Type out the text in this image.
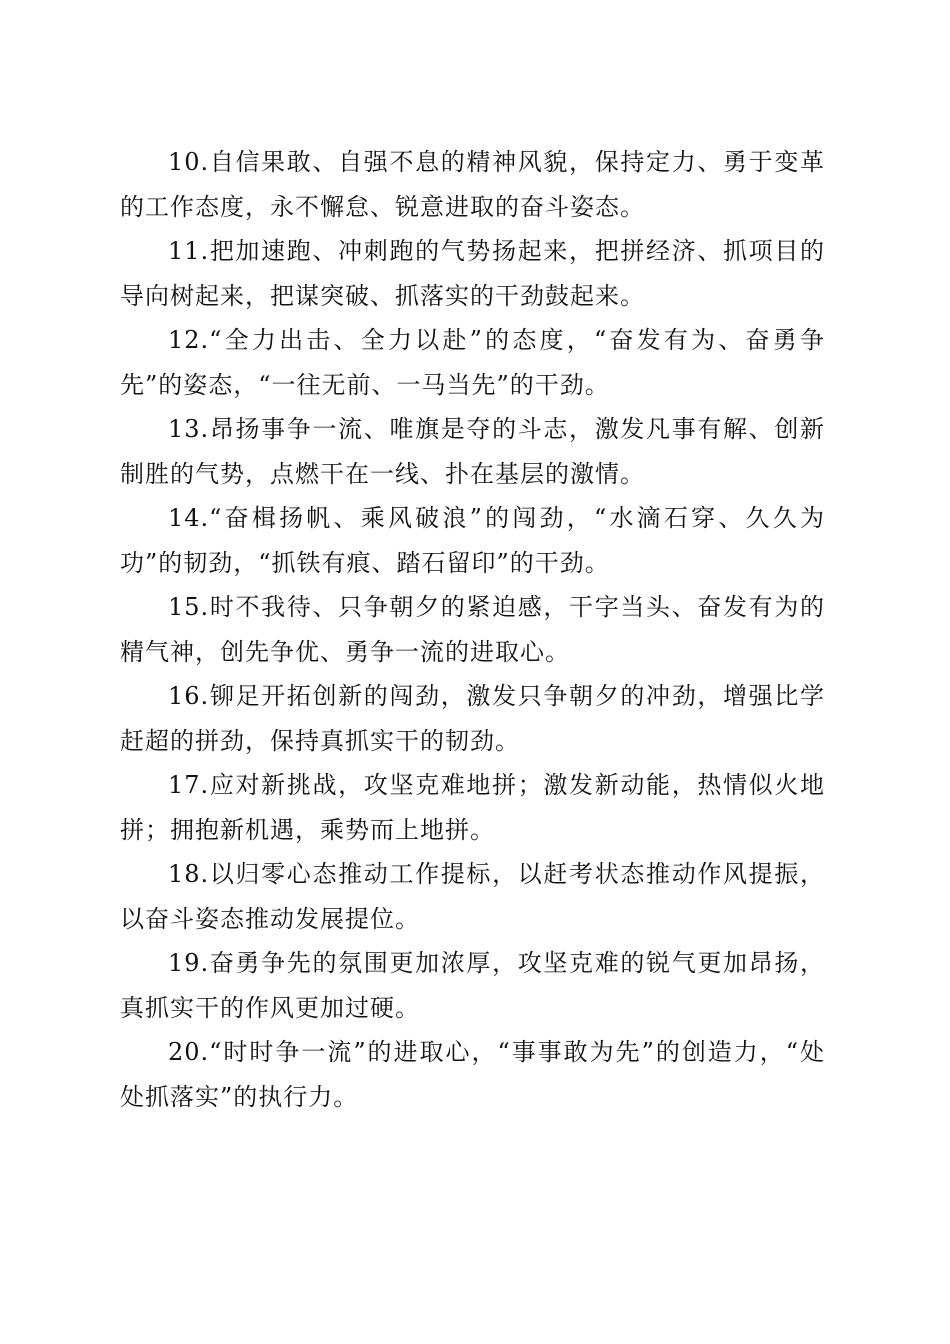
10.自信果敢、自强不息的精神风貌，保持定力、勇于变革的工作态度，永不懈怠、锐意进取的奋斗姿态。

11.把加速跑、冲刺跑的气势扬起来，把拼经济、抓项目的导向树起来，把谋突破、抓落实的干劲鼓起来。

12.“全力出击、全力以赴”的态度，“奋发有为、奋勇争先”的姿态，“一往无前、一马当先”的干劲。

13.昂扬事争一流、唯旗是夺的斗志，激发凡事有解、创新制胜的气势，点燃干在一线、扑在基层的激情。

14.“奋楫扬帆、乘风破浪”的闯劲，“水滴石穿、久久为功”的韧劲，“抓铁有痕、踏石留印”的干劲。

15.时不我待、只争朝夕的紧迫感，干字当头、奋发有为的精气神，创先争优、勇争一流的进取心。

16.铆足开拓创新的闯劲，激发只争朝夕的冲劲，增强比学赶超的拼劲，保持真抓实干的韧劲。

17.应对新挑战，攻坚克难地拼；激发新动能，热情似火地拼；拥抱新机遇，乘势而上地拼。

18.以归零心态推动工作提标，以赶考状态推动作风提振，以奋斗姿态推动发展提位。

19.奋勇争先的氛围更加浓厚，攻坚克难的锐气更加昂扬，真抓实干的作风更加过硬。

20.“时时争一流”的进取心，“事事敢为先”的创造力，“处处抓落实”的执行力。
